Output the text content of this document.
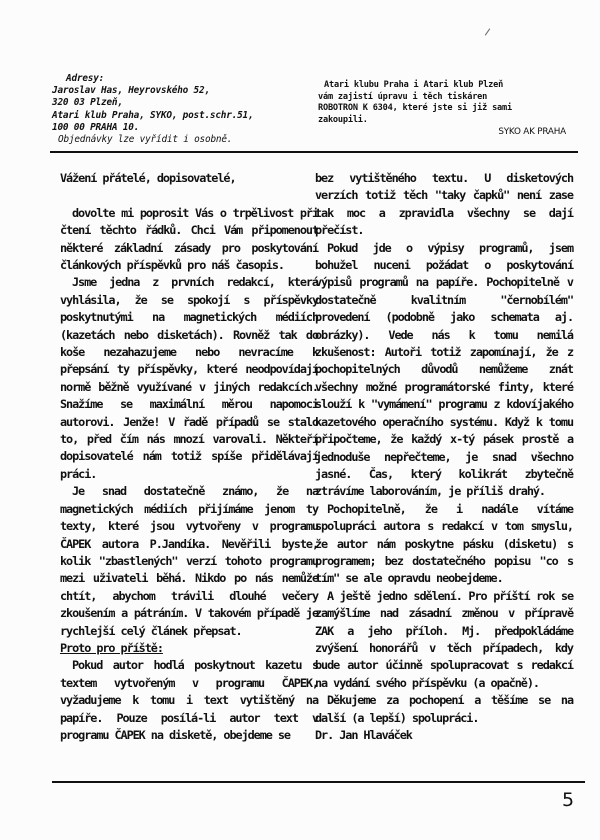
Adresy:
Jaroslav Has, Heyrovského 52,
320 03 Plzeň,
Atari klub Praha, SYKO, post.schr.51,
100 00 PRAHA 10.
Objednávky lze vyřídit i osobně.
Atari klubu Praha i Atari klub Plzeň
vám zajistí úpravu i těch tiskáren
ROBOTRON K 6304, které jste si již sami
zakoupili.
SYKO AK PRAHA

Vážení přátelé, dopisovatelé,

dovolte mi poprosit Vás o trpělivost při čtení těchto řádků. Chci Vám připomenout některé základní zásady pro poskytování článkových příspěvků pro náš časopis.

Jsme jedna z prvních redakcí, která vyhlásila, že se spokojí s příspěvky poskytnutými na magnetických médiích (kazetách nebo disketách). Rovněž tak do koše nezahazujeme nebo nevracíme k přepsání ty příspěvky, které neodpovídají normě běžně využívané v jiných redakcích. Snažíme se maximální měrou napomoci autorovi. Jenže! V řadě případů se stalo to, před čím nás mnozí varovali. Někteří dopisovatelé nám totiž spíše přidělávají práci.

Je snad dostatečně známo, že na magnetických médiích přijímáme jenom ty texty, které jsou vytvořeny v programu ČAPEK autora P.Jandíka. Nevěřili byste, kolik "zbastlených" verzí tohoto programu mezi uživateli běhá. Nikdo po nás nemůže chtít, abychom trávili dlouhé večery zkoušením a pátráním. V takovém případě je rychlejší celý článek přepsat.

Proto pro příště:

Pokud autor hodlá poskytnout kazetu s textem vytvořeným v programu ČAPEK, vyžadujeme k tomu i text vytištěný na papíře. Pouze posílá-li autor text v programu ČAPEK na disketě, obejdeme se

bez vytištěného textu. U disketových verzích totiž těch "taky čapků" není zase tak moc a zpravidla všechny se dají přečíst.

Pokud jde o výpisy programů, jsem bohužel nuceni požádat o poskytování výpisů programů na papíře. Pochopitelně v dostatečně kvalitním "černobílém" provedení (podobně jako schemata aj. obrázky). Vede nás k tomu nemilá zkušenost: Autoři totiž zapomínají, že z pochopitelných důvodů nemůžeme znát všechny možné programátorské finty, které slouží k "vymámení" programu z kdovíjakého kazetového operačního systému. Když k tomu připočteme, že každý x-tý pásek prostě a jednoduše nepřečteme, je snad všechno jasné. Čas, který kolikrát zbytečně ztrávíme laborováním, je příliš drahý.

Pochopitelně, že i nadále vítáme spolupráci autora s redakcí v tom smyslu, že autor nám poskytne pásku (disketu) s programem; bez dostatečného popisu "co s tím" se ale opravdu neobejdeme.

A ještě jedno sdělení. Pro příští rok se zamýšlíme nad zásadní změnou v přípravě ZAK a jeho příloh. Mj. předpokládáme zvýšení honorářů v těch případech, kdy bude autor účinně spolupracovat s redakcí na vydání svého příspěvku (a opačně).

Děkujeme za pochopení a těšíme se na další (a lepší) spolupráci.

Dr. Jan Hlaváček

5
